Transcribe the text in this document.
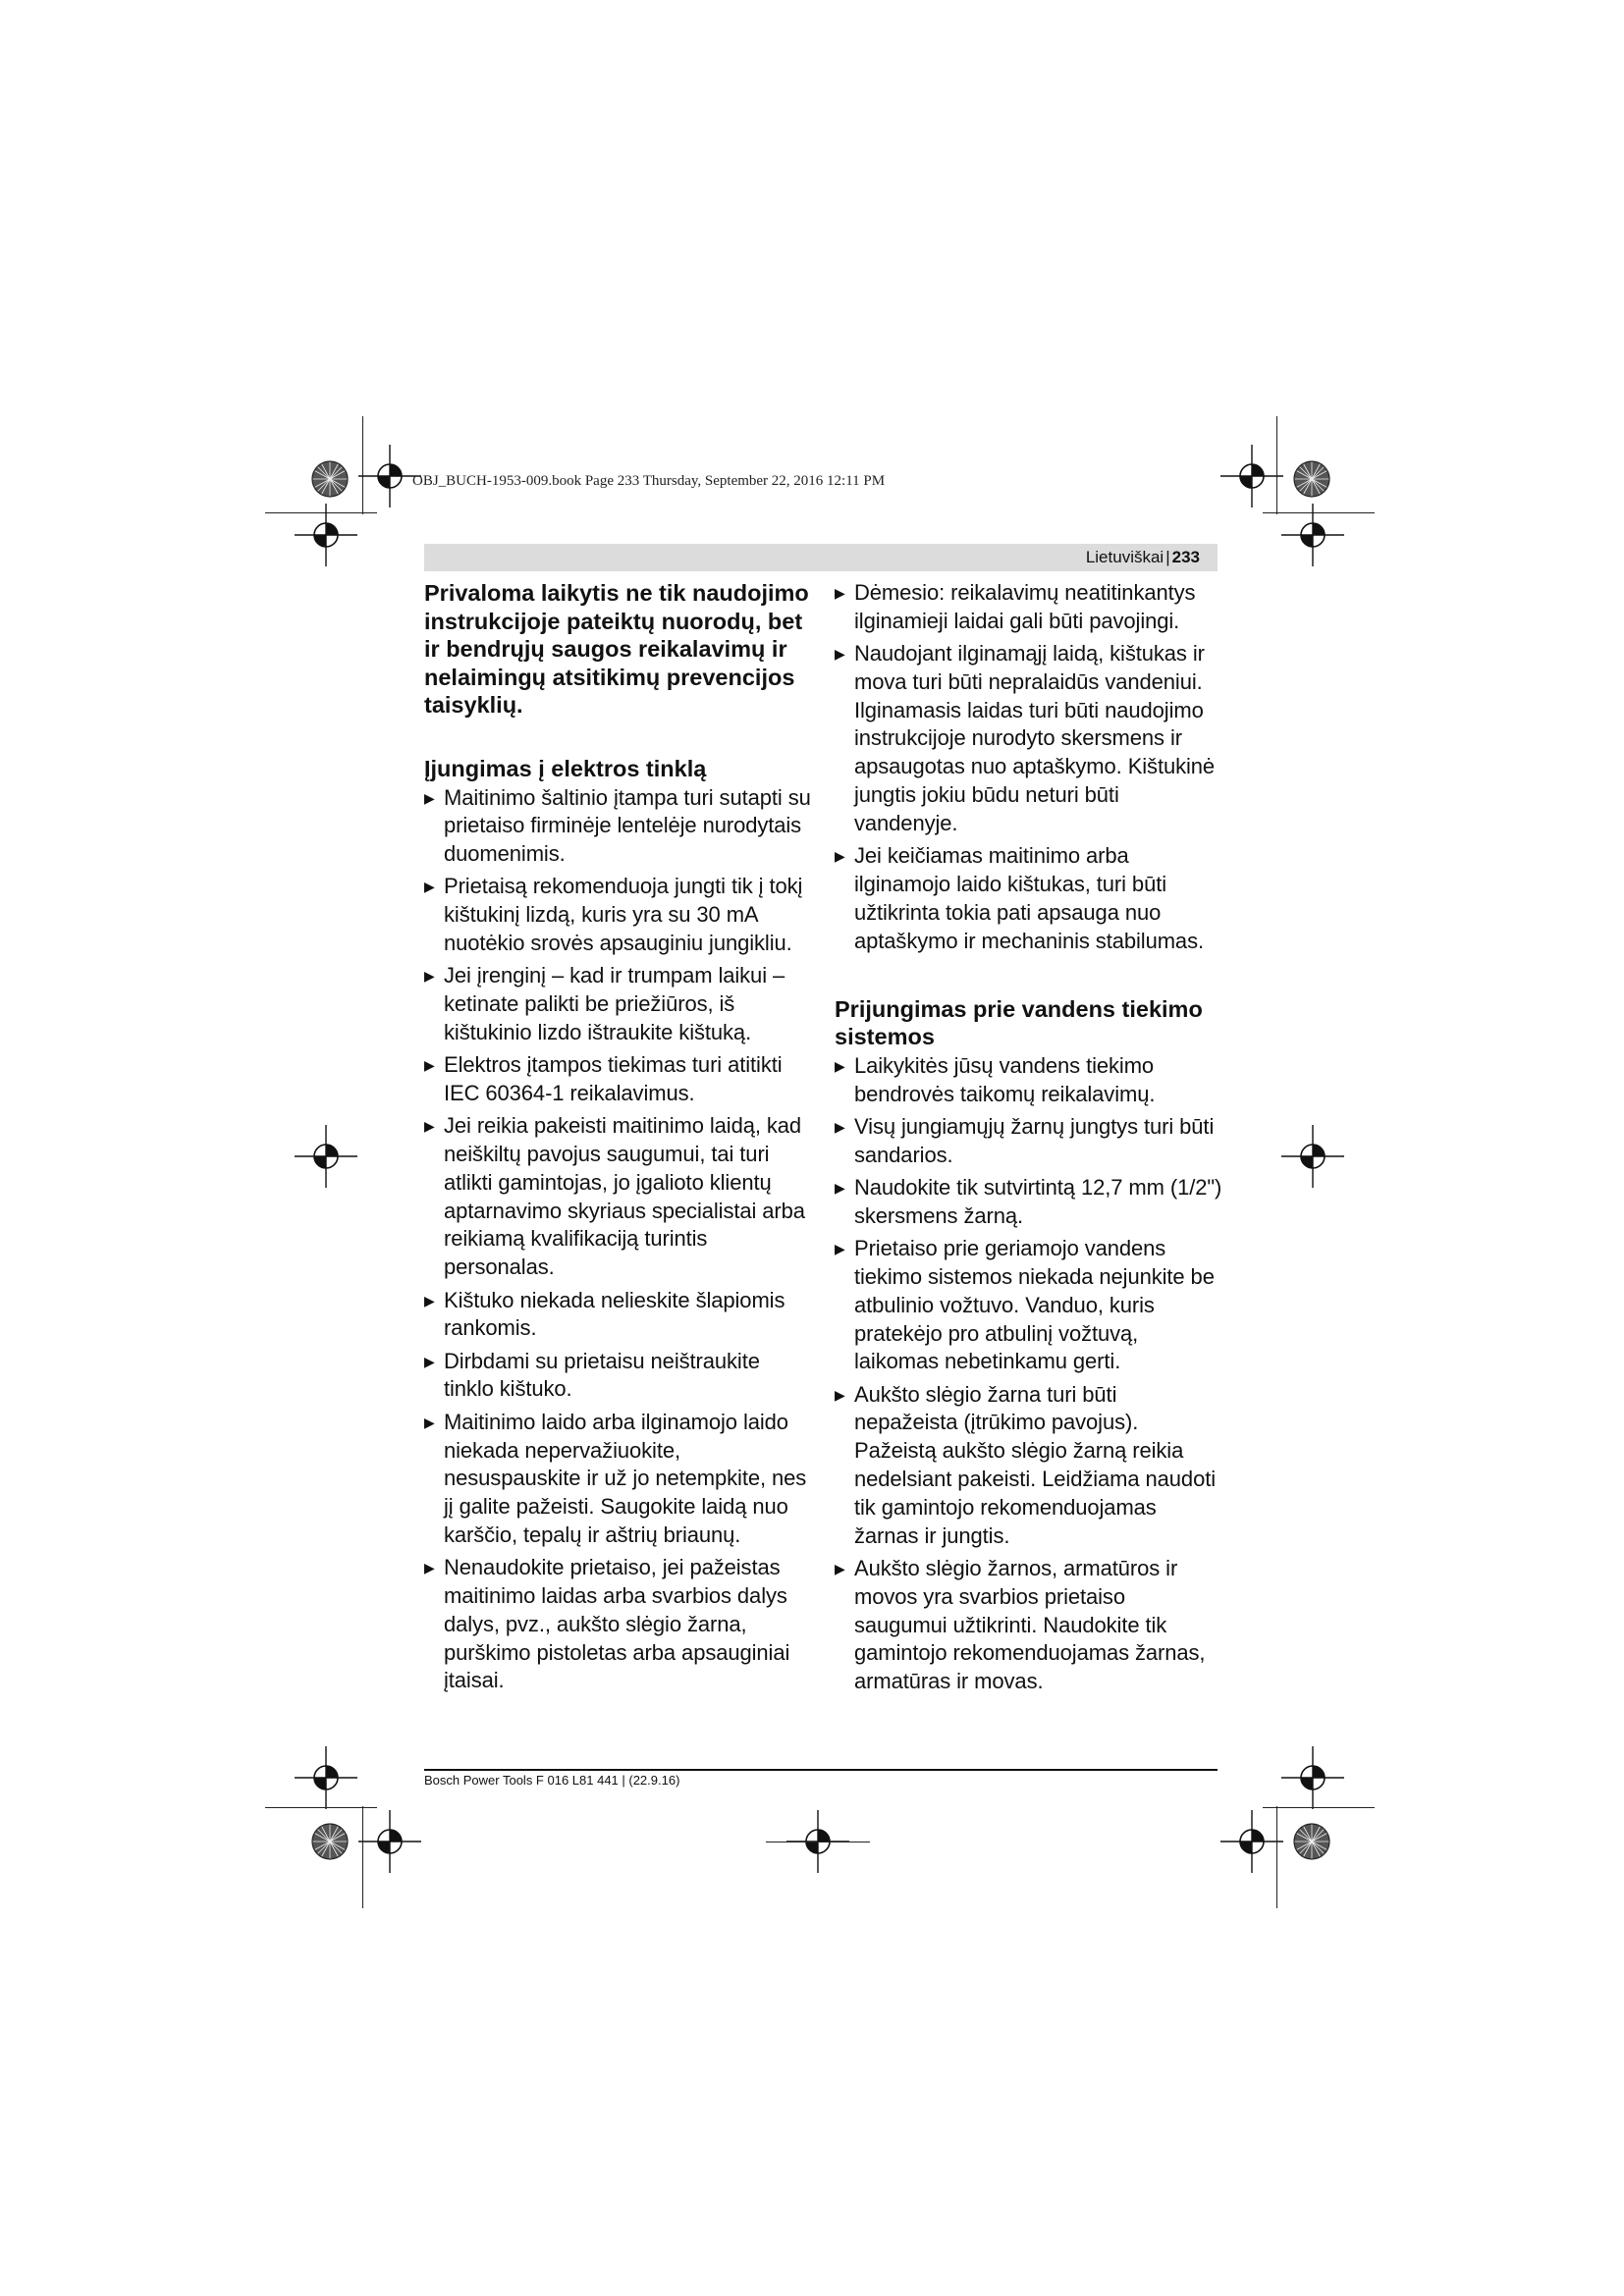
OBJ_BUCH-1953-009.book Page 233 Thursday, September 22, 2016 12:11 PM
Lietuviškai | 233

Privaloma laikytis ne tik naudojimo instrukcijoje pateiktų nuorodų, bet ir bendrųjų saugos reikalavimų ir nelaimingų atsitikimų prevencijos taisyklių.

Įjungimas į elektros tinklą
▶ Maitinimo šaltinio įtampa turi sutapti su prietaiso firminėje lentelėje nurodytais duomenimis.
▶ Prietaisą rekomenduoja jungti tik į tokį kištukinį lizdą, kuris yra su 30 mA nuotėkio srovės apsauginiu jungikliu.
▶ Jei įrenginį – kad ir trumpam laikui – ketinate palikti be priežiūros, iš kištukinio lizdo ištraukite kištuką.
▶ Elektros įtampos tiekimas turi atitikti IEC 60364-1 reikalavimus.
▶ Jei reikia pakeisti maitinimo laidą, kad neiškiltų pavojus saugumui, tai turi atlikti gamintojas, jo įgalioto klientų aptarnavimo skyriaus specialistai arba reikiamą kvalifikaciją turintis personalas.
▶ Kištuko niekada nelieskite šlapiomis rankomis.
▶ Dirbdami su prietaisu neištraukite tinklo kištuko.
▶ Maitinimo laido arba ilginamojo laido niekada nepervažiuokite, nesuspauskite ir už jo netempkite, nes jį galite pažeisti. Saugokite laidą nuo karščio, tepalų ir aštrių briaunų.
▶ Nenaudokite prietaiso, jei pažeistas maitinimo laidas arba svarbios dalys dalys, pvz., aukšto slėgio žarna, purškimo pistoletas arba apsauginiai įtaisai.
▶ Dėmesio: reikalavimų neatitinkantys ilginamieji laidai gali būti pavojingi.
▶ Naudojant ilginamąjį laidą, kištukas ir mova turi būti nepralaidūs vandeniui. Ilginamasis laidas turi būti naudojimo instrukcijoje nurodyto skersmens ir apsaugotas nuo aptaškymo. Kištukinė jungtis jokiu būdu neturi būti vandenyje.
▶ Jei keičiamas maitinimo arba ilginamojo laido kištukas, turi būti užtikrinta tokia pati apsauga nuo aptaškymo ir mechaninis stabilumas.
Prijungimas prie vandens tiekimo sistemos
▶ Laikykitės jūsų vandens tiekimo bendrovės taikomų reikalavimų.
▶ Visų jungiamųjų žarnų jungtys turi būti sandarios.
▶ Naudokite tik sutvirtintą 12,7 mm (1/2") skersmens žarną.
▶ Prietaiso prie geriamojo vandens tiekimo sistemos niekada nejunkite be atbulinio vožtuvo. Vanduo, kuris pratekėjo pro atbulinį vožtuvą, laikomas nebetinkamu gerti.
▶ Aukšto slėgio žarna turi būti nepažeista (įtrūkimo pavojus). Pažeistą aukšto slėgio žarną reikia nedelsiant pakeisti. Leidžiama naudoti tik gamintojo rekomenduojamas žarnas ir jungtis.
▶ Aukšto slėgio žarnos, armatūros ir movos yra svarbios prietaiso saugumui užtikrinti. Naudokite tik gamintojo rekomenduojamas žarnas, armatūras ir movas.
Bosch Power Tools F 016 L81 441 | (22.9.16)
